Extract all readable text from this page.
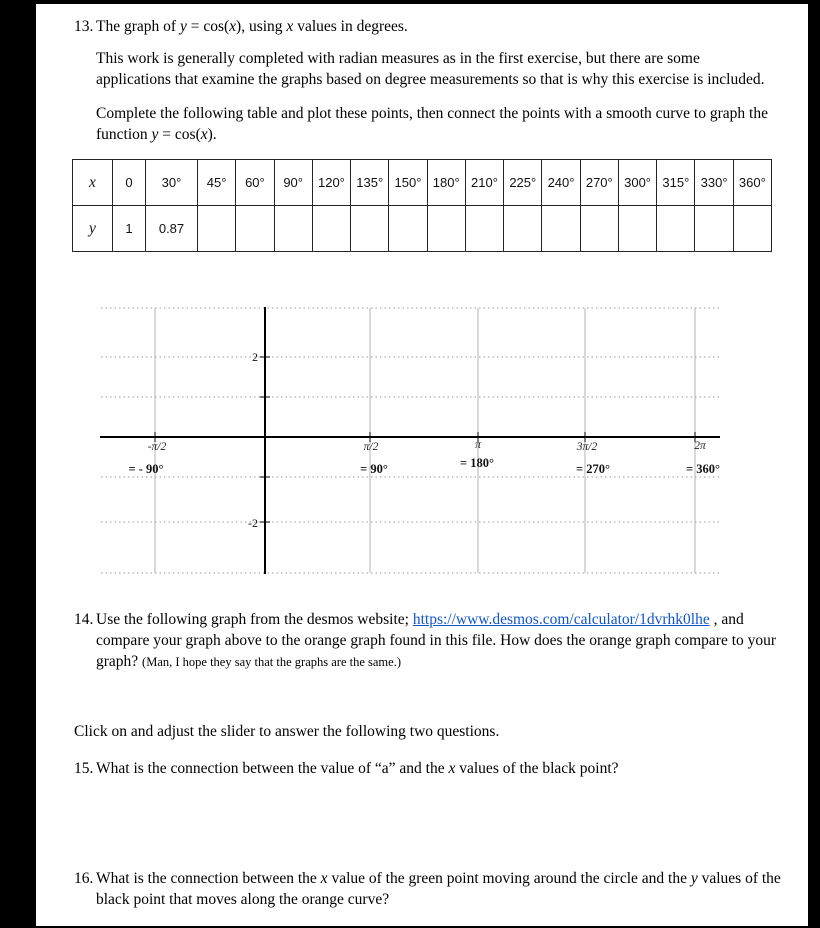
13. The graph of y = cos(x), using x values in degrees.
This work is generally completed with radian measures as in the first exercise, but there are some applications that examine the graphs based on degree measurements so that is why this exercise is included.
Complete the following table and plot these points, then connect the points with a smooth curve to graph the function y = cos(x).
x	0	30°	45°	60°	90°	120°	135°	150°	180°	210°	225°	240°	270°	300°	315°	330°	360°
y	1	0.87															
2
-2
-π/2	π/2	π	3π/2	2π
= - 90°	= 90°	= 180°	= 270°	= 360°
14. Use the following graph from the desmos website; https://www.desmos.com/calculator/1dvrhk0lhe , and compare your graph above to the orange graph found in this file. How does the orange graph compare to your graph? (Man, I hope they say that the graphs are the same.)
Click on and adjust the slider to answer the following two questions.
15. What is the connection between the value of “a” and the x values of the black point?
16. What is the connection between the x value of the green point moving around the circle and the y values of the black point that moves along the orange curve?
